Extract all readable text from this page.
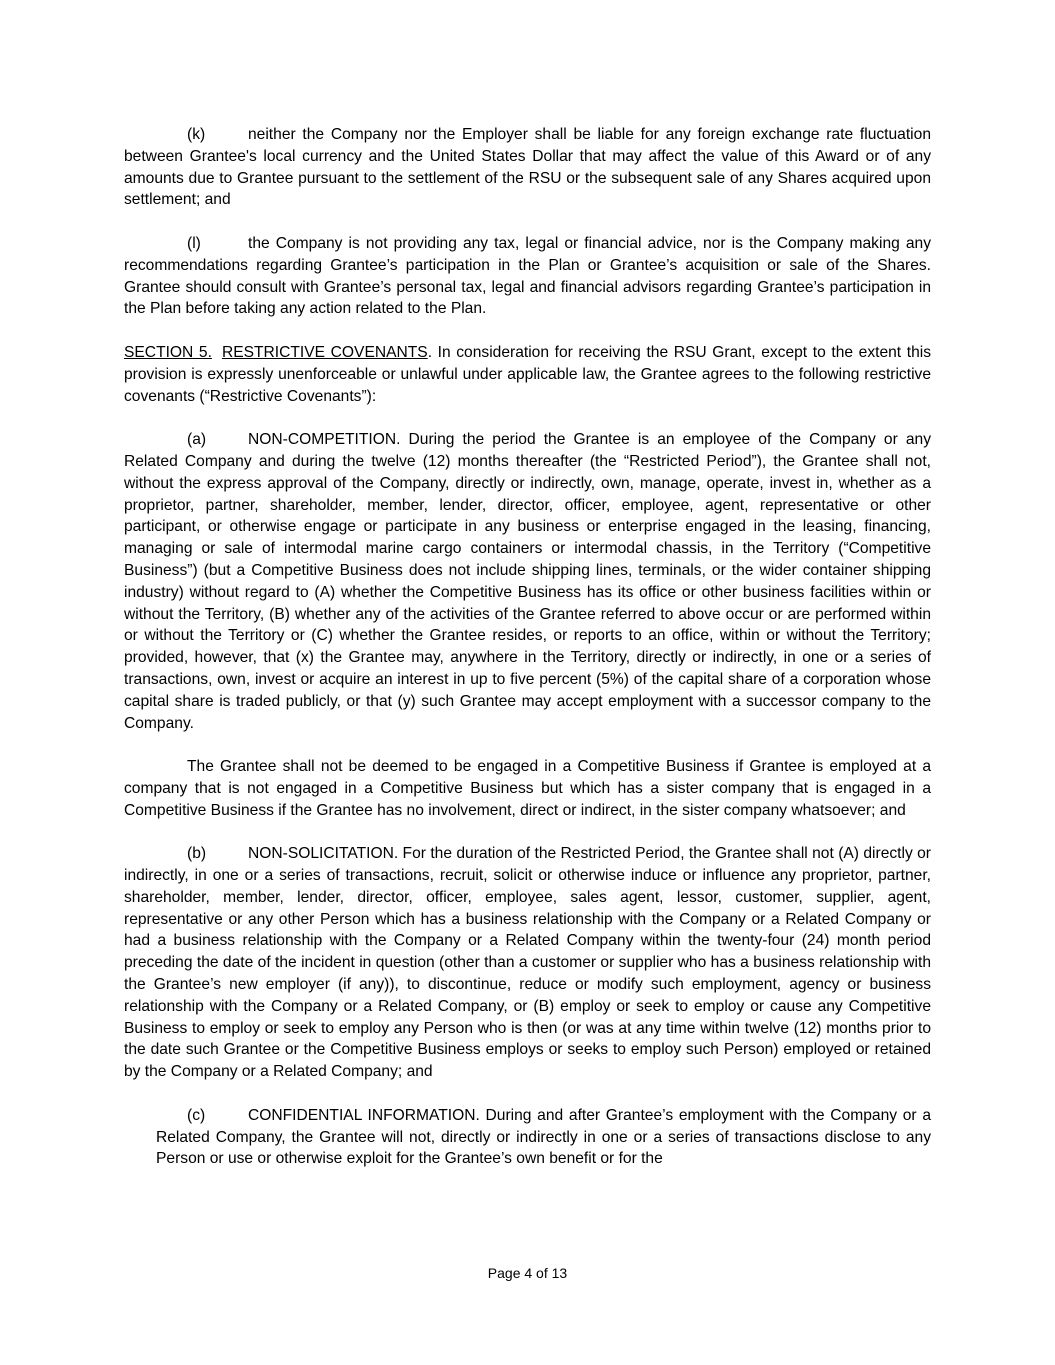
(k)	neither the Company nor the Employer shall be liable for any foreign exchange rate fluctuation between Grantee's local currency and the United States Dollar that may affect the value of this Award or of any amounts due to Grantee pursuant to the settlement of the RSU or the subsequent sale of any Shares acquired upon settlement; and

(l)	the Company is not providing any tax, legal or financial advice, nor is the Company making any recommendations regarding Grantee’s participation in the Plan or Grantee’s acquisition or sale of the Shares. Grantee should consult with Grantee’s personal tax, legal and financial advisors regarding Grantee’s participation in the Plan before taking any action related to the Plan.

SECTION 5. RESTRICTIVE COVENANTS. In consideration for receiving the RSU Grant, except to the extent this provision is expressly unenforceable or unlawful under applicable law, the Grantee agrees to the following restrictive covenants (“Restrictive Covenants”):

(a)	NON-COMPETITION. During the period the Grantee is an employee of the Company or any Related Company and during the twelve (12) months thereafter (the “Restricted Period”), the Grantee shall not, without the express approval of the Company, directly or indirectly, own, manage, operate, invest in, whether as a proprietor, partner, shareholder, member, lender, director, officer, employee, agent, representative or other participant, or otherwise engage or participate in any business or enterprise engaged in the leasing, financing, managing or sale of intermodal marine cargo containers or intermodal chassis, in the Territory (“Competitive Business”) (but a Competitive Business does not include shipping lines, terminals, or the wider container shipping industry) without regard to (A) whether the Competitive Business has its office or other business facilities within or without the Territory, (B) whether any of the activities of the Grantee referred to above occur or are performed within or without the Territory or (C) whether the Grantee resides, or reports to an office, within or without the Territory; provided, however, that (x) the Grantee may, anywhere in the Territory, directly or indirectly, in one or a series of transactions, own, invest or acquire an interest in up to five percent (5%) of the capital share of a corporation whose capital share is traded publicly, or that (y) such Grantee may accept employment with a successor company to the Company.

The Grantee shall not be deemed to be engaged in a Competitive Business if Grantee is employed at a company that is not engaged in a Competitive Business but which has a sister company that is engaged in a Competitive Business if the Grantee has no involvement, direct or indirect, in the sister company whatsoever; and

(b)	NON-SOLICITATION. For the duration of the Restricted Period, the Grantee shall not (A) directly or indirectly, in one or a series of transactions, recruit, solicit or otherwise induce or influence any proprietor, partner, shareholder, member, lender, director, officer, employee, sales agent, lessor, customer, supplier, agent, representative or any other Person which has a business relationship with the Company or a Related Company or had a business relationship with the Company or a Related Company within the twenty-four (24) month period preceding the date of the incident in question (other than a customer or supplier who has a business relationship with the Grantee’s new employer (if any)), to discontinue, reduce or modify such employment, agency or business relationship with the Company or a Related Company, or (B) employ or seek to employ or cause any Competitive Business to employ or seek to employ any Person who is then (or was at any time within twelve (12) months prior to the date such Grantee or the Competitive Business employs or seeks to employ such Person) employed or retained by the Company or a Related Company; and

(c)	CONFIDENTIAL INFORMATION. During and after Grantee’s employment with the Company or a Related Company, the Grantee will not, directly or indirectly in one or a series of transactions disclose to any Person or use or otherwise exploit for the Grantee’s own benefit or for the

Page 4 of 13
